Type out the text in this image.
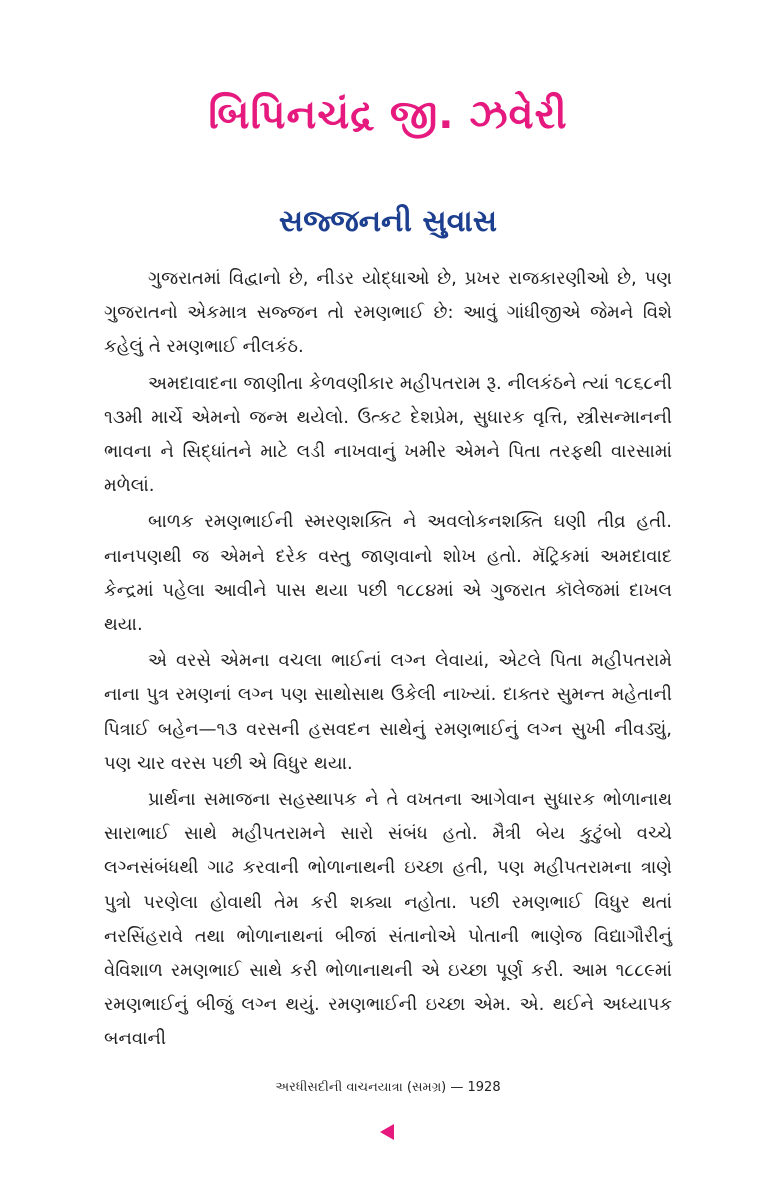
બિપિનચંદ્ર જી. ઝવેરી
સજ્જનની સુવાસ

ગુજરાતમાં વિદ્વાનો છે, નીડર યોદ્ધાઓ છે, પ્રખર રાજકારણીઓ છે, પણ ગુજરાતનો એકમાત્ર સજ્જન તો રમણભાઈ છે: આવું ગાંધીજીએ જેમને વિશે કહેલું તે રમણભાઈ નીલકંઠ.

અમદાવાદના જાણીતા કેળવણીકાર મહીપતરામ રૂ. નીલકંઠને ત્યાં ૧૮૬૮ની ૧૩મી માર્ચે એમનો જન્મ થયેલો. ઉત્કટ દેશપ્રેમ, સુધારક વૃત્તિ, સ્ત્રીસન્માનની ભાવના ને સિદ્ધાંતને માટે લડી નાખવાનું ખમીર એમને પિતા તરફથી વારસામાં મળેલાં.

બાળક રમણભાઈની સ્મરણશક્તિ ને અવલોકનશક્તિ ઘણી તીવ્ર હતી. નાનપણથી જ એમને દરેક વસ્તુ જાણવાનો શોખ હતો. મૅટ્રિકમાં અમદાવાદ કેન્દ્રમાં પહેલા આવીને પાસ થયા પછી ૧૮૮૪માં એ ગુજરાત કૉલેજમાં દાખલ થયા.

એ વરસે એમના વચલા ભાઈનાં લગ્ન લેવાયાં, એટલે પિતા મહીપતરામે નાના પુત્ર રમણનાં લગ્ન પણ સાથોસાથ ઉકેલી નાખ્યાં. દાક્તર સુમન્ત મહેતાની પિત્રાઈ બહેન—૧૩ વરસની હસવદન સાથેનું રમણભાઈનું લગ્ન સુખી નીવડ્યું, પણ ચાર વરસ પછી એ વિધુર થયા.

પ્રાર્થના સમાજના સહસ્થાપક ને તે વખતના આગેવાન સુધારક ભોળાનાથ સારાભાઈ સાથે મહીપતરામને સારો સંબંધ હતો. મૈત્રી બેય કુટુંબો વચ્ચે લગ્નસંબંધથી ગાઢ કરવાની ભોળાનાથની ઇચ્છા હતી, પણ મહીપતરામના ત્રાણે પુત્રો પરણેલા હોવાથી તેમ કરી શક્યા નહોતા. પછી રમણભાઈ વિધુર થતાં નરસિંહરાવે તથા ભોળાનાથનાં બીજાં સંતાનોએ પોતાની ભાણેજ વિદ્યાગૌરીનું વેવિશાળ રમણભાઈ સાથે કરી ભોળાનાથની એ ઇચ્છા પૂર્ણ કરી. આમ ૧૮૮૯માં રમણભાઈનું બીજું લગ્ન થયું. રમણભાઈની ઇચ્છા એમ. એ. થઈને અધ્યાપક બનવાની

અરધીસદીની વાચનયાત્રા (સમગ્ર) — 1928
